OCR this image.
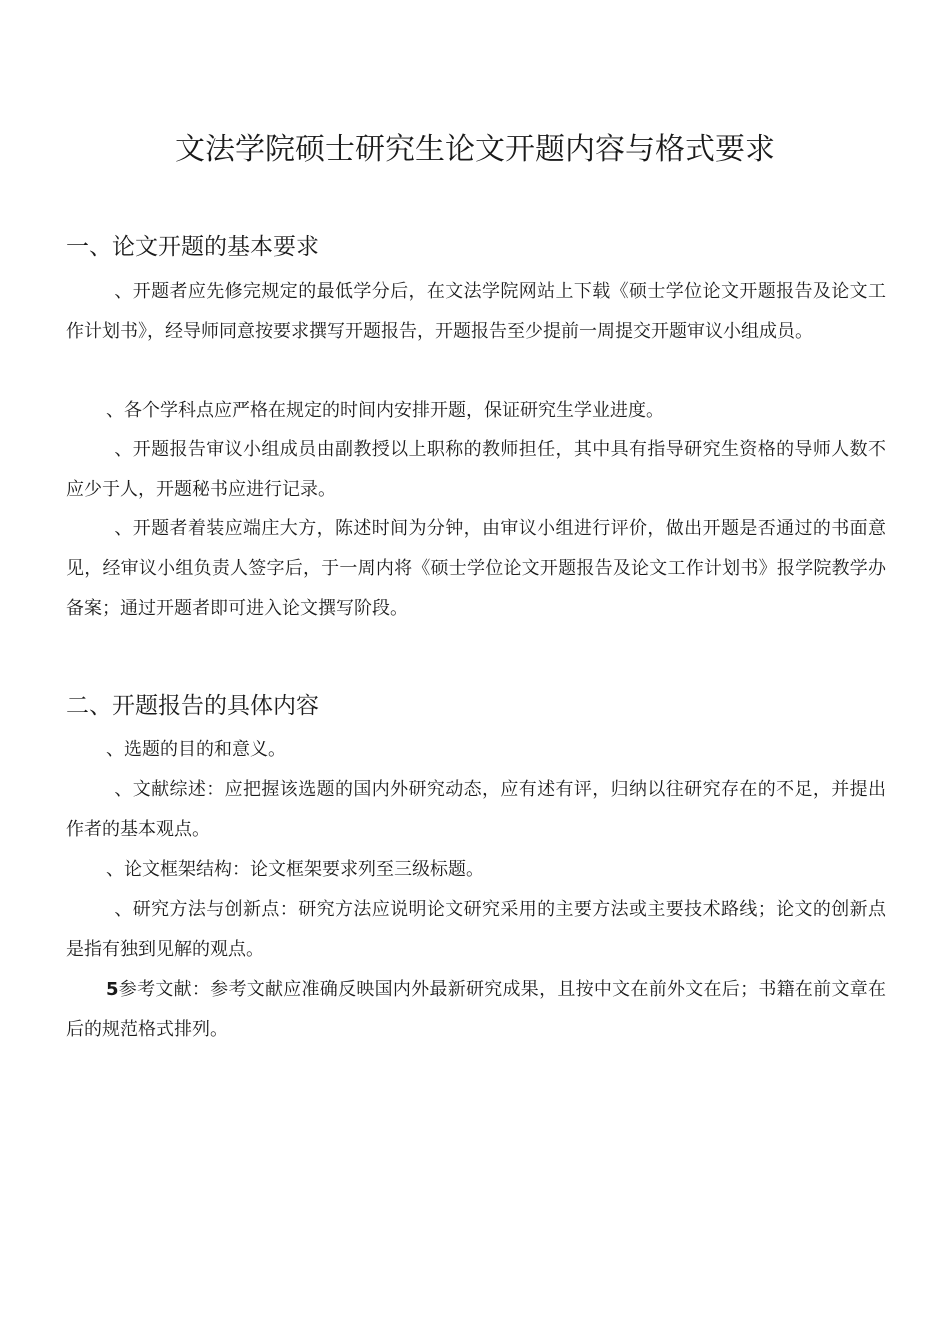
文法学院硕士研究生论文开题内容与格式要求
一、论文开题的基本要求

、开题者应先修完规定的最低学分后，在文法学院网站上下载《硕士学位论文开题报告及论文工作计划书》，经导师同意按要求撰写开题报告，开题报告至少提前一周提交开题审议小组成员。

、各个学科点应严格在规定的时间内安排开题，保证研究生学业进度。

、开题报告审议小组成员由副教授以上职称的教师担任，其中具有指导研究生资格的导师人数不应少于人，开题秘书应进行记录。

、开题者着装应端庄大方，陈述时间为分钟，由审议小组进行评价，做出开题是否通过的书面意见，经审议小组负责人签字后，于一周内将《硕士学位论文开题报告及论文工作计划书》报学院教学办备案；通过开题者即可进入论文撰写阶段。

二、开题报告的具体内容

、选题的目的和意义。

、文献综述：应把握该选题的国内外研究动态，应有述有评，归纳以往研究存在的不足，并提出作者的基本观点。

、论文框架结构：论文框架要求列至三级标题。

、研究方法与创新点：研究方法应说明论文研究采用的主要方法或主要技术路线；论文的创新点是指有独到见解的观点。

5参考文献：参考文献应准确反映国内外最新研究成果，且按中文在前外文在后；书籍在前文章在后的规范格式排列。
